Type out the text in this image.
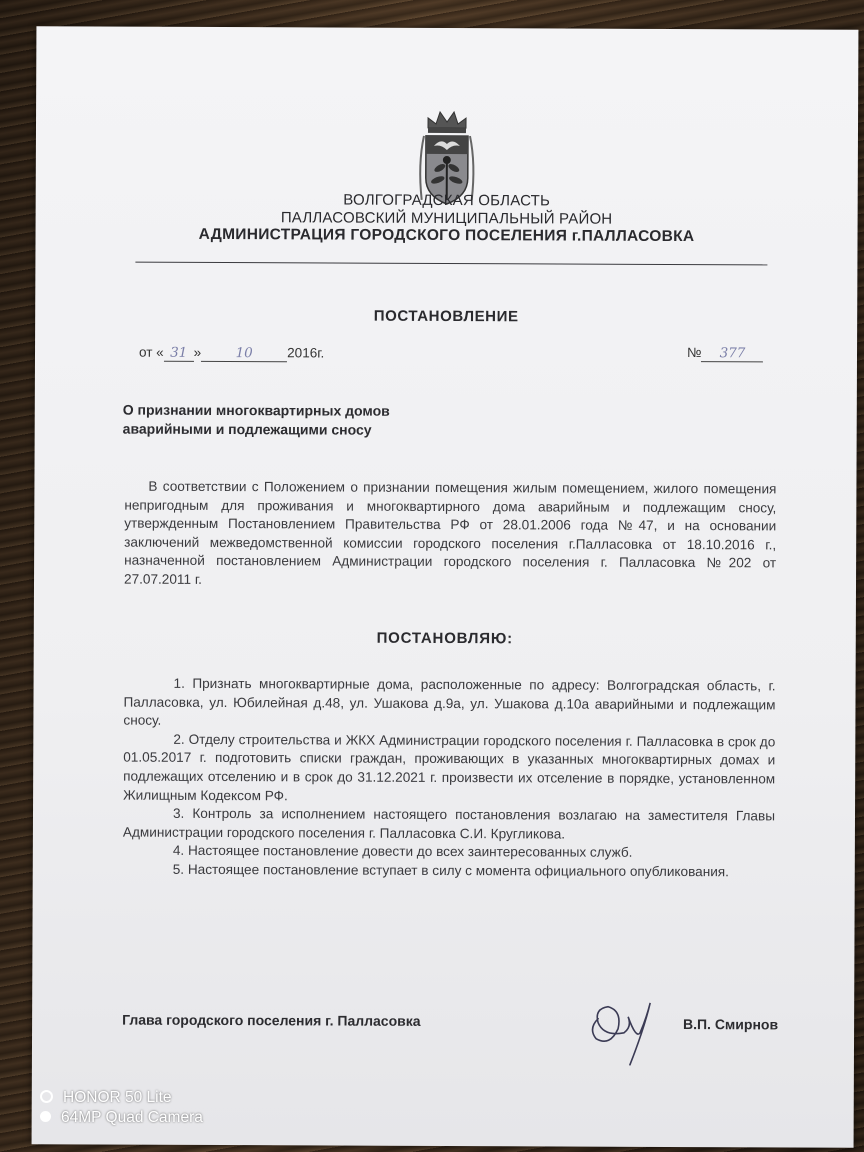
ВОЛГОГРАДСКАЯ ОБЛАСТЬ
ПАЛЛАСОВСКИЙ МУНИЦИПАЛЬНЫЙ РАЙОН
АДМИНИСТРАЦИЯ ГОРОДСКОГО ПОСЕЛЕНИЯ г.ПАЛЛАСОВКА
ПОСТАНОВЛЕНИЕ
от « 31 »	10	2016г.	№ 377
О признании многоквартирных домов
аварийными и подлежащими сносу
В соответствии с Положением о признании помещения жилым помещением, жилого помещения непригодным для проживания и многоквартирного дома аварийным и подлежащим сносу, утвержденным Постановлением Правительства РФ от 28.01.2006 года №47, и на основании заключений межведомственной комиссии городского поселения г.Палласовка от 18.10.2016 г., назначенной постановлением Администрации городского поселения г. Палласовка №202 от 27.07.2011 г.
ПОСТАНОВЛЯЮ:

1. Признать многоквартирные дома, расположенные по адресу: Волгоградская область, г. Палласовка, ул. Юбилейная д.48, ул. Ушакова д.9а, ул. Ушакова д.10а аварийными и подлежащим сносу.

2. Отделу строительства и ЖКХ Администрации городского поселения г. Палласовка в срок до 01.05.2017 г. подготовить списки граждан, проживающих в указанных многоквартирных домах и подлежащих отселению и в срок до 31.12.2021 г. произвести их отселение в порядке, установленном Жилищным Кодексом РФ.

3. Контроль за исполнением настоящего постановления возлагаю на заместителя Главы Администрации городского поселения г. Палласовка С.И. Кругликова.

4. Настоящее постановление довести до всех заинтересованных служб.

5. Настоящее постановление вступает в силу с момента официального опубликования.

Глава городского поселения г. Палласовка	В.П. Смирнов
HONOR 50 Lite
64MP Quad Camera
